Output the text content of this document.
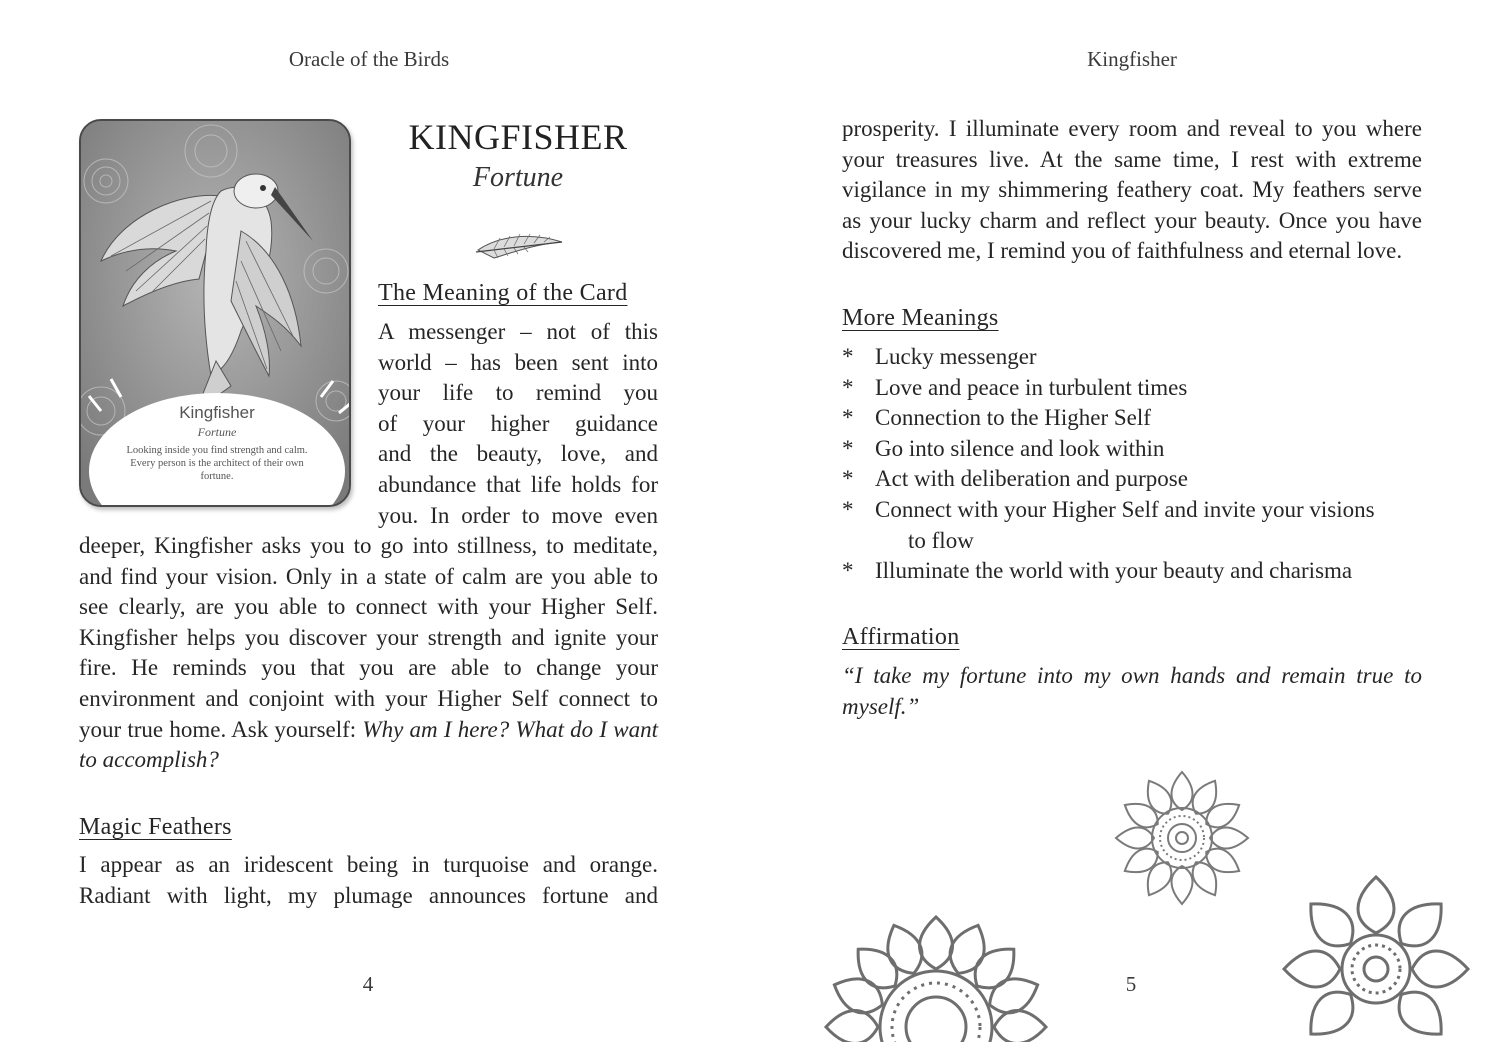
Oracle of the Birds
Kingfisher
Fortune
Looking inside you find strength and calm. Every person is the architect of their own fortune.
KINGFISHER
Fortune
The Meaning of the Card
A messenger – not of this
world – has been sent into
your life to remind you
of your higher guidance
and the beauty, love, and
abundance that life holds for
you. In order to move even
deeper, Kingfisher asks you to go into stillness, to meditate, and find your vision. Only in a state of calm are you able to see clearly, are you able to connect with your Higher Self. Kingfisher helps you discover your strength and ignite your fire. He reminds you that you are able to change your environment and conjoint with your Higher Self connect to your true home. Ask yourself: Why am I here? What do I want to accomplish?
Magic Feathers
I appear as an iridescent being in turquoise and orange. Radiant with light, my plumage announces fortune and
4
Kingfisher
prosperity. I illuminate every room and reveal to you where your treasures live. At the same time, I rest with extreme vigilance in my shimmering feathery coat. My feathers serve as your lucky charm and reflect your beauty. Once you have discovered me, I remind you of faithfulness and eternal love.
More Meanings
* Lucky messenger
* Love and peace in turbulent times
* Connection to the Higher Self
* Go into silence and look within
* Act with deliberation and purpose
* Connect with your Higher Self and invite your visions
to flow
* Illuminate the world with your beauty and charisma
Affirmation
“I take my fortune into my own hands and remain true to myself.”
5
